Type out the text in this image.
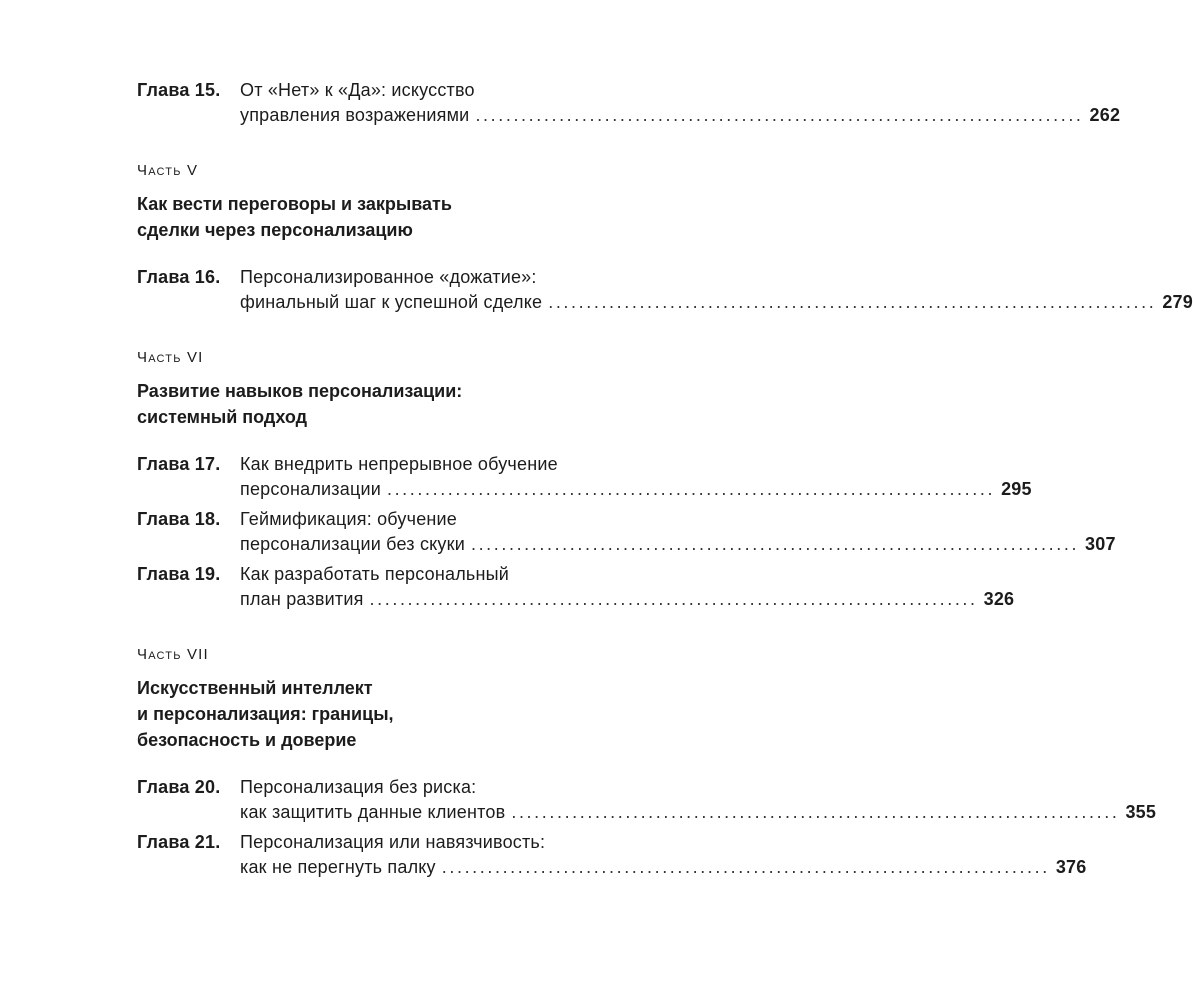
Глава 15.	От «Нет» к «Да»: искусство
управления возражениями ................................................................................ 262
Часть V
Как вести переговоры и закрывать
сделки через персонализацию
Глава 16.	Персонализированное «дожатие»:
финальный шаг к успешной сделке ................................................................................ 279
Часть VI
Развитие навыков персонализации:
системный подход
Глава 17.	Как внедрить непрерывное обучение
персонализации ................................................................................ 295
Глава 18.	Геймификация: обучение
персонализации без скуки ................................................................................ 307
Глава 19.	Как разработать персональный
план развития ................................................................................ 326
Часть VII
Искусственный интеллект
и персонализация: границы,
безопасность и доверие
Глава 20.	Персонализация без риска:
как защитить данные клиентов ................................................................................ 355
Глава 21.	Персонализация или навязчивость:
как не перегнуть палку ................................................................................ 376
